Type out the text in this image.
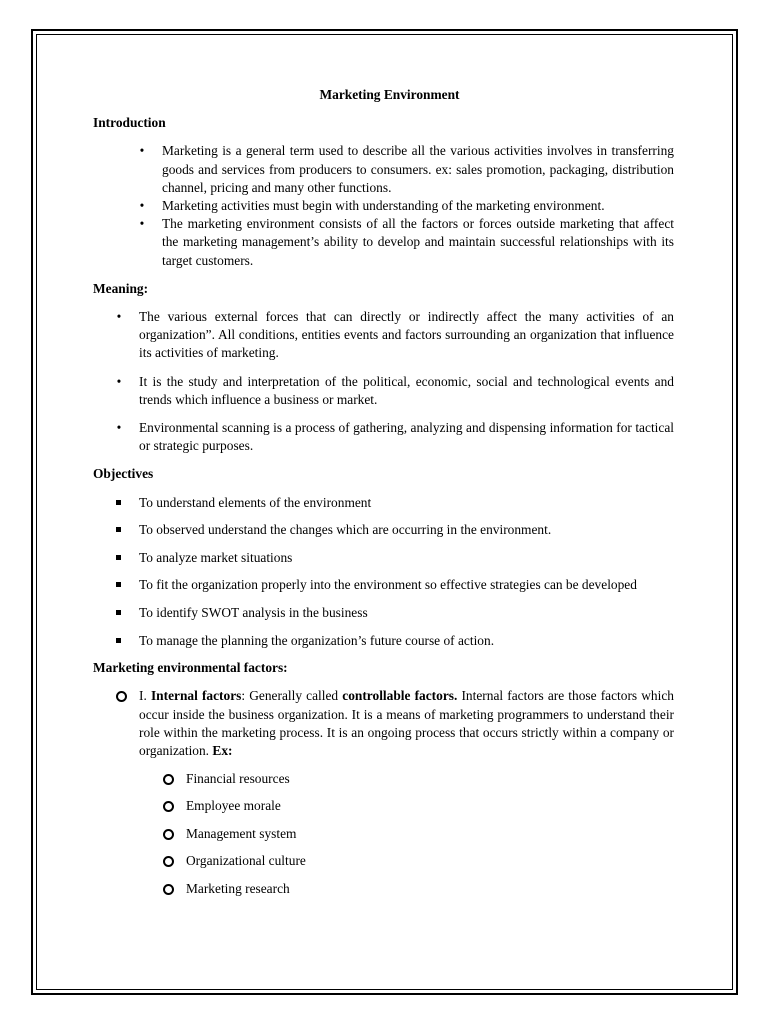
Marketing Environment
Introduction
• Marketing is a general term used to describe all the various activities involves in transferring goods and services from producers to consumers. ex: sales promotion, packaging, distribution channel, pricing and many other functions.
• Marketing activities must begin with understanding of the marketing environment.
• The marketing environment consists of all the factors or forces outside marketing that affect the marketing management’s ability to develop and maintain successful relationships with its target customers.
Meaning:
• The various external forces that can directly or indirectly affect the many activities of an organization”. All conditions, entities events and factors surrounding an organization that influence its activities of marketing.
• It is the study and interpretation of the political, economic, social and technological events and trends which influence a business or market.
• Environmental scanning is a process of gathering, analyzing and dispensing information for tactical or strategic purposes.
Objectives
To understand elements of the environment
To observed understand the changes which are occurring in the environment.
To analyze market situations
To fit the organization properly into the environment so effective strategies can be developed
To identify SWOT analysis in the business
To manage the planning the organization’s future course of action.
Marketing environmental factors:
I. Internal factors: Generally called controllable factors. Internal factors are those factors which occur inside the business organization. It is a means of marketing programmers to understand their role within the marketing process. It is an ongoing process that occurs strictly within a company or organization. Ex:
Financial resources
Employee morale
Management system
Organizational culture
Marketing research
